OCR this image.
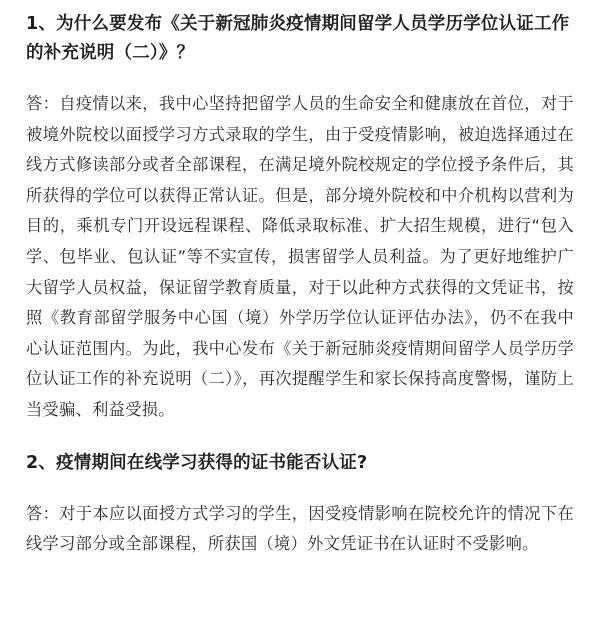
1、为什么要发布《关于新冠肺炎疫情期间留学人员学历学位认证工作的补充说明（二）》？

答：自疫情以来，我中心坚持把留学人员的生命安全和健康放在首位，对于被境外院校以面授学习方式录取的学生，由于受疫情影响，被迫选择通过在线方式修读部分或者全部课程，在满足境外院校规定的学位授予条件后，其所获得的学位可以获得正常认证。但是，部分境外院校和中介机构以营利为目的，乘机专门开设远程课程、降低录取标准、扩大招生规模，进行“包入学、包毕业、包认证”等不实宣传，损害留学人员利益。为了更好地维护广大留学人员权益，保证留学教育质量，对于以此种方式获得的文凭证书，按照《教育部留学服务中心国（境）外学历学位认证评估办法》，仍不在我中心认证范围内。为此，我中心发布《关于新冠肺炎疫情期间留学人员学历学位认证工作的补充说明（二）》，再次提醒学生和家长保持高度警惕，谨防上当受骗、利益受损。

2、疫情期间在线学习获得的证书能否认证?

答：对于本应以面授方式学习的学生，因受疫情影响在院校允许的情况下在线学习部分或全部课程，所获国（境）外文凭证书在认证时不受影响。
